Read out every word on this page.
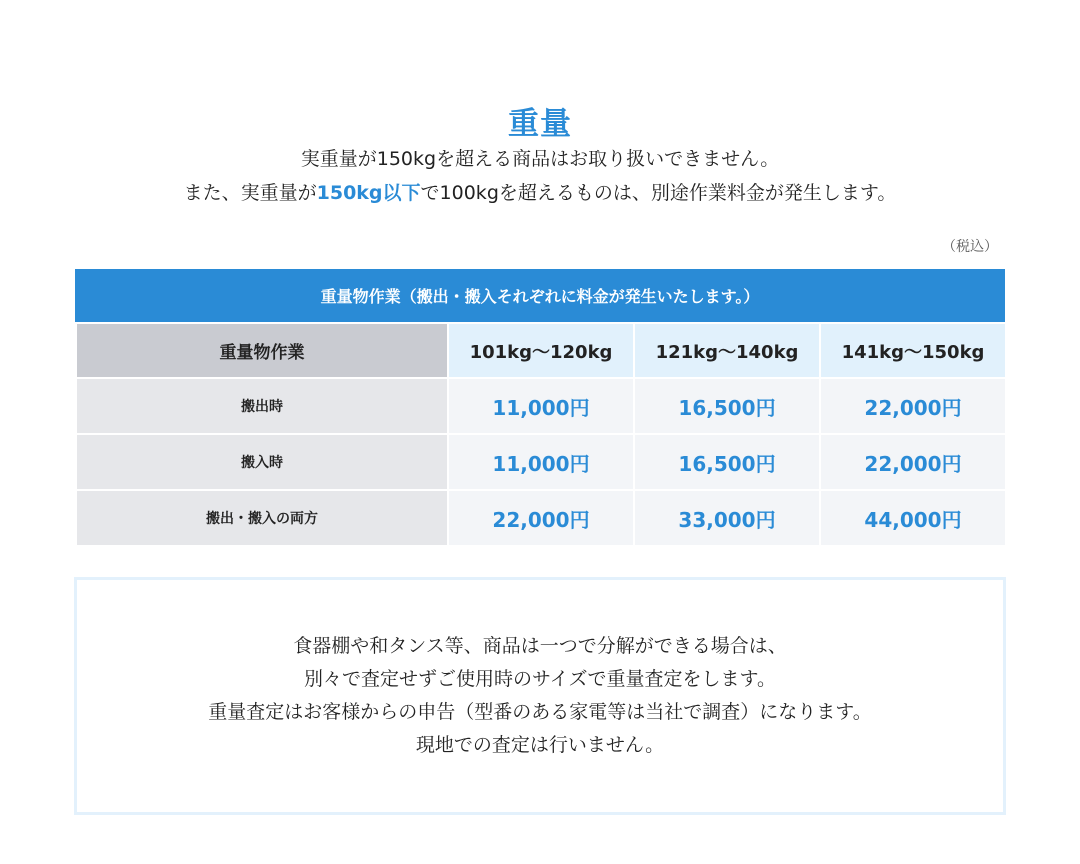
重量
実重量が150kgを超える商品はお取り扱いできません。
また、実重量が150kg以下で100kgを超えるものは、別途作業料金が発生します。
（税込）
重量物作業（搬出・搬入それぞれに料金が発生いたします。）
重量物作業	101kg〜120kg	121kg〜140kg	141kg〜150kg
搬出時	11,000円	16,500円	22,000円
搬入時	11,000円	16,500円	22,000円
搬出・搬入の両方	22,000円	33,000円	44,000円
食器棚や和タンス等、商品は一つで分解ができる場合は、
別々で査定せずご使用時のサイズで重量査定をします。
重量査定はお客様からの申告（型番のある家電等は当社で調査）になります。
現地での査定は行いません。
